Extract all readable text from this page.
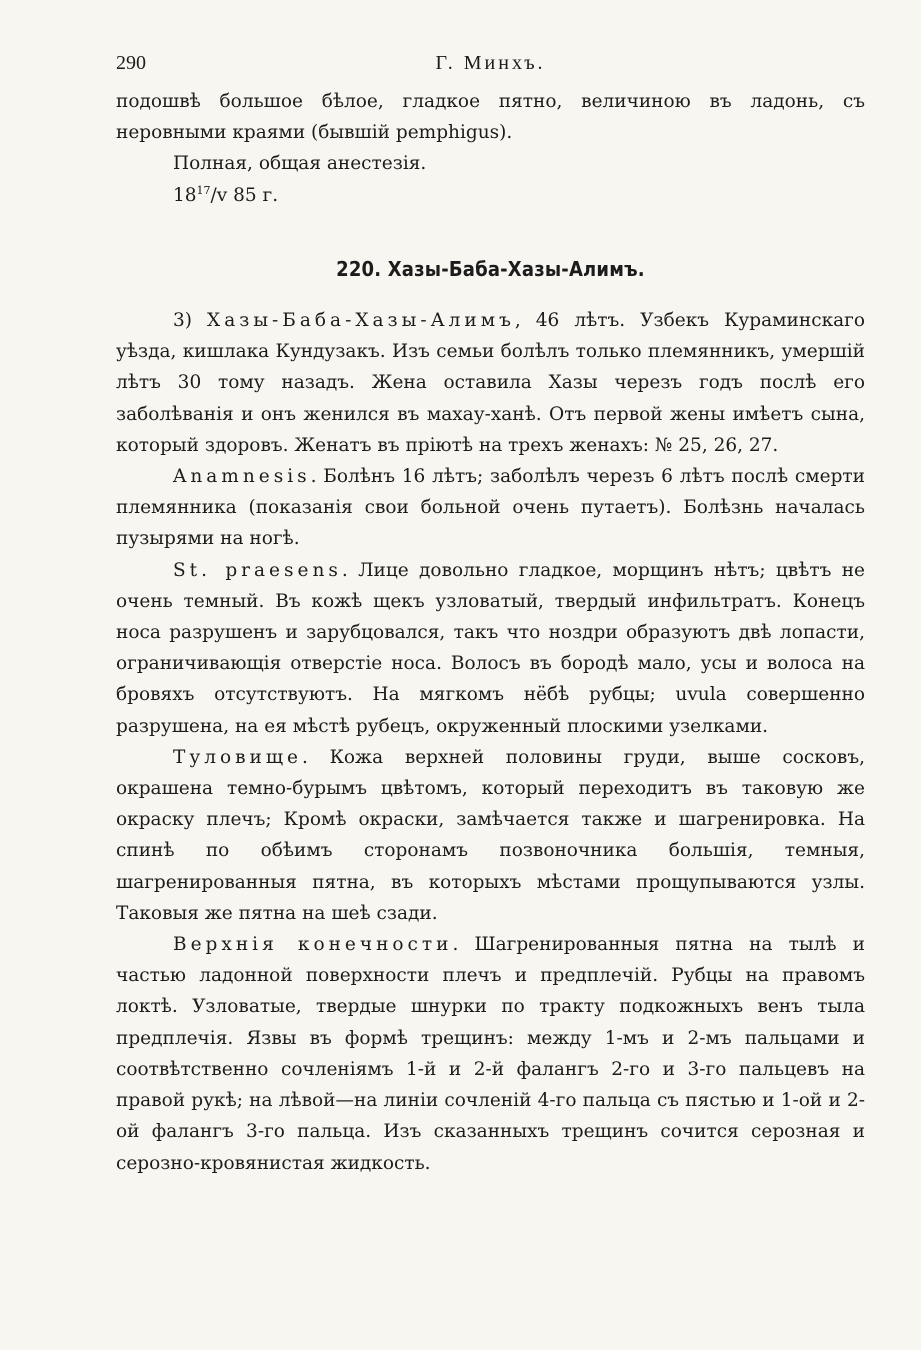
290	Г. Минхъ.

подошвѣ большое бѣлое, гладкое пятно, величиною въ ладонь, съ неровными краями (бывшій pemphigus).

Полная, общая анестезія.

$18^{17}/v$ 85 г.

220. Хазы-Баба-Хазы-Алимъ.

3) Хазы-Баба-Хазы-Алимъ, 46 лѣтъ. Узбекъ Кураминскаго уѣзда, кишлака Кундузакъ. Изъ семьи болѣлъ только племянникъ, умершій лѣтъ 30 тому назадъ. Жена оставила Хазы черезъ годъ послѣ его заболѣванія и онъ женился въ махау-ханѣ. Отъ первой жены имѣетъ сына, который здоровъ. Женатъ въ пріютѣ на трехъ женахъ: № 25, 26, 27.

Anamnesis. Болѣнъ 16 лѣтъ; заболѣлъ черезъ 6 лѣтъ послѣ смерти племянника (показанія свои больной очень путаетъ). Болѣзнь началась пузырями на ногѣ.

St. praesens. Лице довольно гладкое, морщинъ нѣтъ; цвѣтъ не очень темный. Въ кожѣ щекъ узловатый, твердый инфильтратъ. Конецъ носа разрушенъ и зарубцовался, такъ что ноздри образуютъ двѣ лопасти, ограничивающія отверстіе носа. Волосъ въ бородѣ мало, усы и волоса на бровяхъ отсутствуютъ. На мягкомъ нёбѣ рубцы; uvula совершенно разрушена, на ея мѣстѣ рубецъ, окруженный плоскими узелками.

Туловище. Кожа верхней половины груди, выше сосковъ, окрашена темно-бурымъ цвѣтомъ, который переходитъ въ таковую же окраску плечъ; Кромѣ окраски, замѣчается также и шагренировка. На спинѣ по обѣимъ сторонамъ позвоночника большія, темныя, шагренированныя пятна, въ которыхъ мѣстами прощупываются узлы. Таковыя же пятна на шеѣ сзади.

Верхнія конечности. Шагренированныя пятна на тылѣ и частью ладонной поверхности плечъ и предплечій. Рубцы на правомъ локтѣ. Узловатые, твердые шнурки по тракту подкожныхъ венъ тыла предплечія. Язвы въ формѣ трещинъ: между 1-мъ и 2-мъ пальцами и соотвѣтственно сочленіямъ 1-й и 2-й фалангъ 2-го и 3-го пальцевъ на правой рукѣ; на лѣвой—на линіи сочленій 4-го пальца съ пястью и 1-ой и 2-ой фалангъ 3-го пальца. Изъ сказанныхъ трещинъ сочится серозная и серозно-кровянистая жидкость.
